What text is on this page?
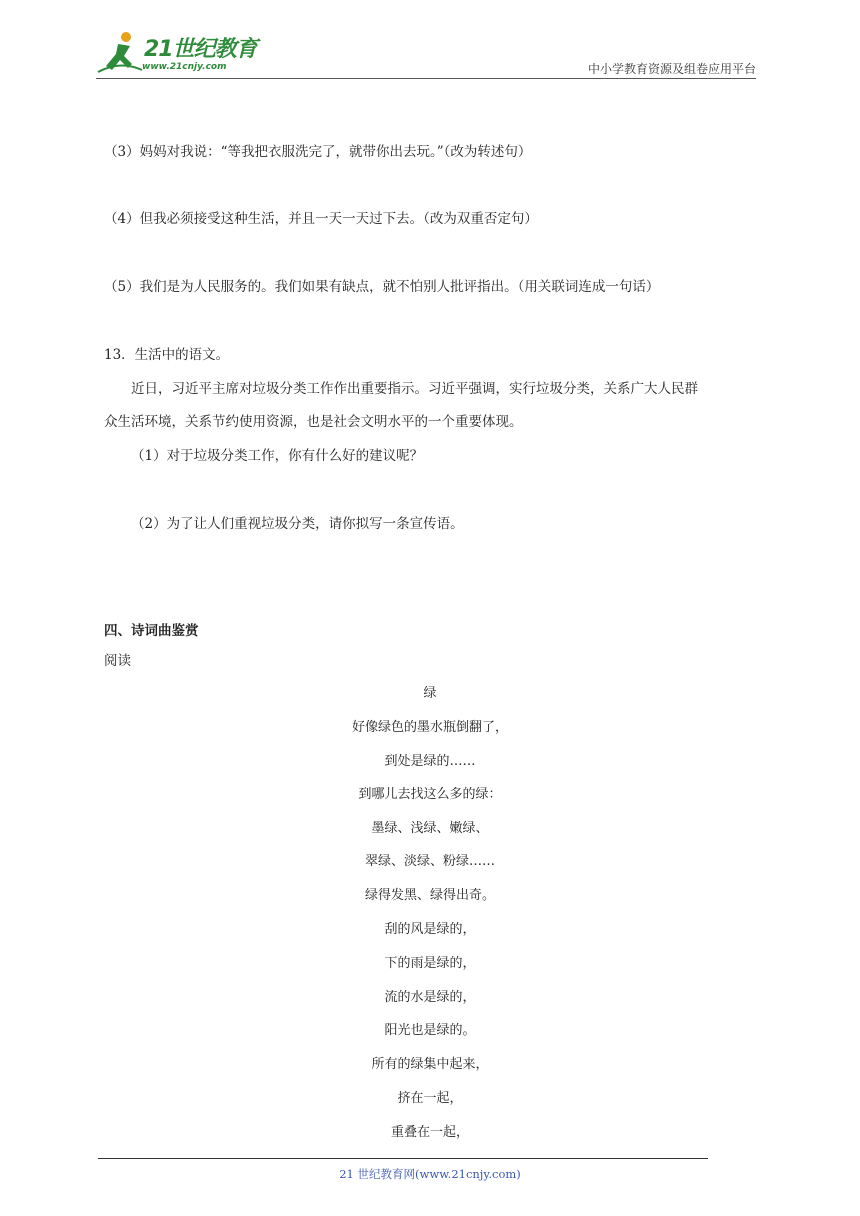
21世纪教育
www.21cnjy.com	中小学教育资源及组卷应用平台
（3）妈妈对我说：“等我把衣服洗完了，就带你出去玩。”（改为转述句）
（4）但我必须接受这种生活，并且一天一天过下去。（改为双重否定句）
（5）我们是为人民服务的。我们如果有缺点，就不怕别人批评指出。（用关联词连成一句话）
13．生活中的语文。
近日，习近平主席对垃圾分类工作作出重要指示。习近平强调，实行垃圾分类，关系广大人民群
众生活环境，关系节约使用资源，也是社会文明水平的一个重要体现。
（1）对于垃圾分类工作，你有什么好的建议呢？
（2）为了让人们重视垃圾分类，请你拟写一条宣传语。
四、诗词曲鉴赏
阅读
绿
好像绿色的墨水瓶倒翻了，
到处是绿的……
到哪儿去找这么多的绿：
墨绿、浅绿、嫩绿、
翠绿、淡绿、粉绿……
绿得发黑、绿得出奇。
刮的风是绿的，
下的雨是绿的，
流的水是绿的，
阳光也是绿的。
所有的绿集中起来，
挤在一起，
重叠在一起，
21 世纪教育网(www.21cnjy.com)
